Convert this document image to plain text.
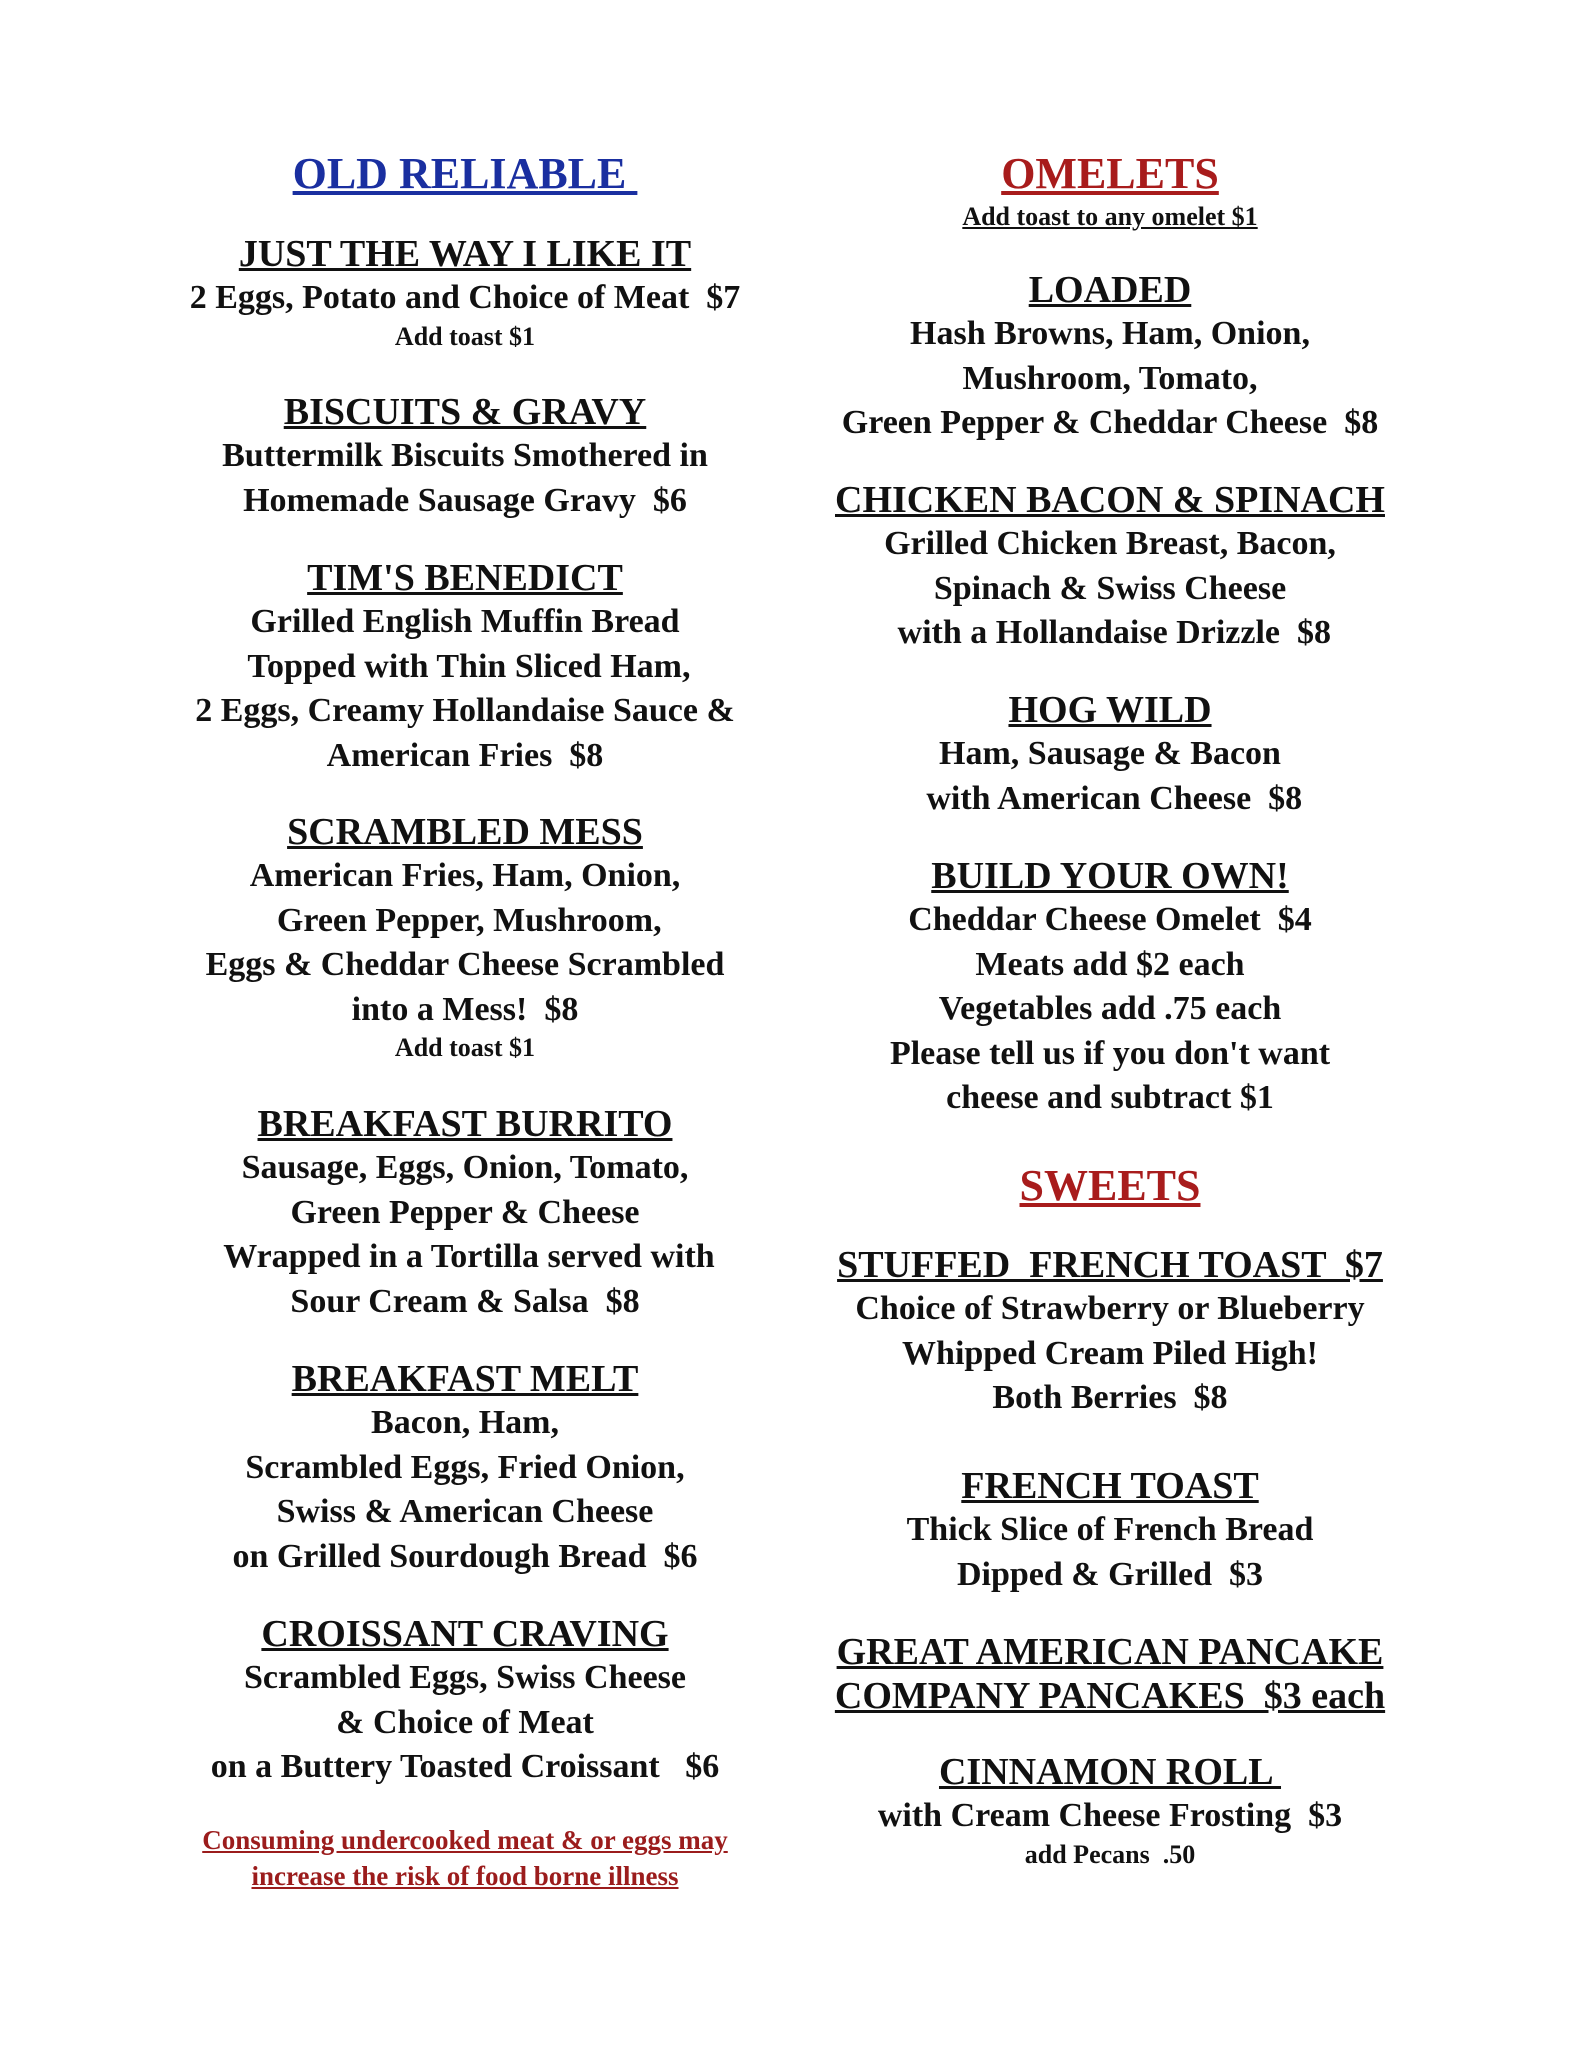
OLD RELIABLE

JUST THE WAY I LIKE IT

2 Eggs, Potato and Choice of Meat  $7

Add toast $1

BISCUITS & GRAVY

Buttermilk Biscuits Smothered in

Homemade Sausage Gravy  $6

TIM'S BENEDICT

Grilled English Muffin Bread

Topped with Thin Sliced Ham,

2 Eggs, Creamy Hollandaise Sauce &

American Fries  $8

SCRAMBLED MESS

American Fries, Ham, Onion,

Green Pepper, Mushroom,

Eggs & Cheddar Cheese Scrambled

into a Mess!  $8

Add toast $1

BREAKFAST BURRITO

Sausage, Eggs, Onion, Tomato,

Green Pepper & Cheese

Wrapped in a Tortilla served with

Sour Cream & Salsa  $8

BREAKFAST MELT

Bacon, Ham,

Scrambled Eggs, Fried Onion,

Swiss & American Cheese

on Grilled Sourdough Bread  $6

CROISSANT CRAVING

Scrambled Eggs, Swiss Cheese

& Choice of Meat

on a Buttery Toasted Croissant   $6

Consuming undercooked meat & or eggs may
increase the risk of food borne illness

OMELETS

Add toast to any omelet $1

LOADED

Hash Browns, Ham, Onion,

Mushroom, Tomato,

Green Pepper & Cheddar Cheese  $8

CHICKEN BACON & SPINACH

Grilled Chicken Breast, Bacon,

Spinach & Swiss Cheese

with a Hollandaise Drizzle  $8

HOG WILD

Ham, Sausage & Bacon

with American Cheese  $8

BUILD YOUR OWN!

Cheddar Cheese Omelet  $4

Meats add $2 each

Vegetables add .75 each

Please tell us if you don't want

cheese and subtract $1

SWEETS

STUFFED  FRENCH TOAST  $7

Choice of Strawberry or Blueberry

Whipped Cream Piled High!

Both Berries  $8

FRENCH TOAST

Thick Slice of French Bread

Dipped & Grilled  $3

GREAT AMERICAN PANCAKE

COMPANY PANCAKES  $3 each

CINNAMON ROLL

with Cream Cheese Frosting  $3

add Pecans  .50
